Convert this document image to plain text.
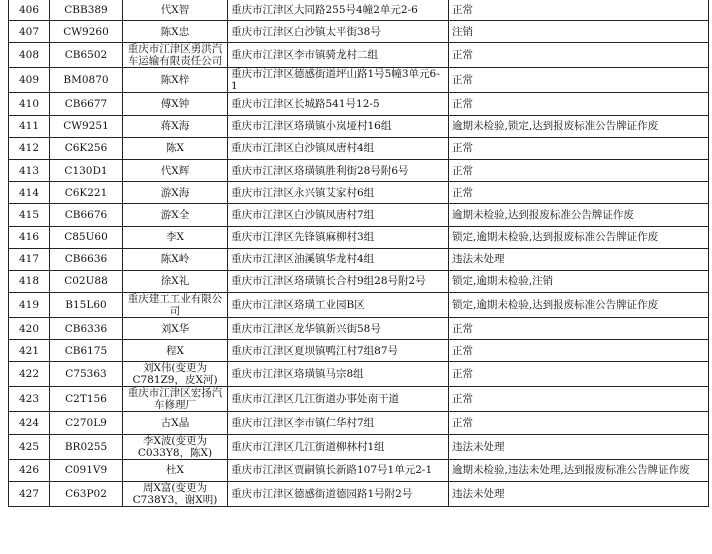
406	CBB389	代X智	重庆市江津区大同路255号4幢2单元2-6	正常
407	CW9260	陈X忠	重庆市江津区白沙镇太平街38号	注销
408	CB6502	重庆市江津区勇洪汽车运输有限责任公司	重庆市江津区李市镇骑龙村二组	正常
409	BM0870	陈X梓	重庆市江津区德感街道坪山路1号5幢3单元6-1	正常
410	CB6677	傅X钟	重庆市江津区长城路541号12-5	正常
411	CW9251	蒋X海	重庆市江津区珞璜镇小岚垭村16组	逾期未检验,锁定,达到报废标准公告牌证作废
412	C6K256	陈X	重庆市江津区白沙镇凤唐村4组	正常
413	C130D1	代X辉	重庆市江津区珞璜镇胜利街28号附6号	正常
414	C6K221	游X海	重庆市江津区永兴镇艾家村6组	正常
415	CB6676	游X全	重庆市江津区白沙镇凤唐村7组	逾期未检验,达到报废标准公告牌证作废
416	C85U60	李X	重庆市江津区先锋镇麻柳村3组	锁定,逾期未检验,达到报废标准公告牌证作废
417	CB6636	陈X岭	重庆市江津区油溪镇华龙村4组	违法未处理
418	C02U88	徐X礼	重庆市江津区珞璜镇长合村9组28号附2号	锁定,逾期未检验,注销
419	B15L60	重庆建工工业有限公司	重庆市江津区珞璜工业园B区	锁定,逾期未检验,达到报废标准公告牌证作废
420	CB6336	刘X华	重庆市江津区龙华镇新兴街58号	正常
421	CB6175	程X	重庆市江津区夏坝镇鸭江村7组87号	正常
422	C75363	刘X伟(变更为C781Z9，皮X河)	重庆市江津区珞璜镇马宗8组	正常
423	C2T156	重庆市江津区宏扬汽车修理厂	重庆市江津区几江街道办事处南干道	正常
424	C270L9	古X晶	重庆市江津区李市镇仁华村7组	正常
425	BR0255	李X波(变更为C033Y8，陈X)	重庆市江津区几江街道柳林村1组	违法未处理
426	C091V9	杜X	重庆市江津区贾嗣镇长新路107号1单元2-1	逾期未检验,违法未处理,达到报废标准公告牌证作废
427	C63P02	周X富(变更为C738Y3，谢X明)	重庆市江津区德感街道德园路1号附2号	违法未处理
